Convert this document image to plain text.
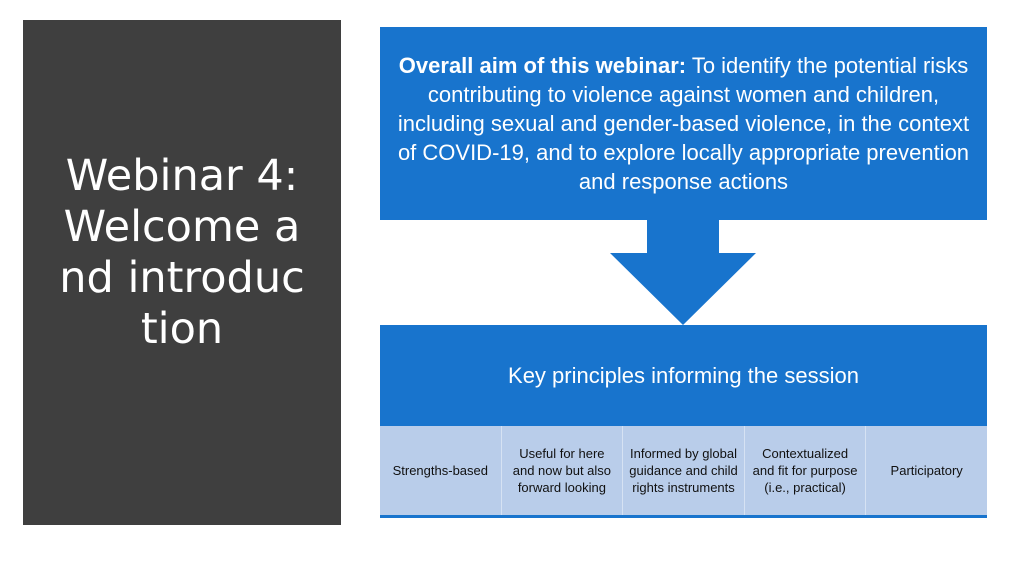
Webinar 4: Welcome and introduction
Overall aim of this webinar: To identify the potential risks contributing to violence against women and children, including sexual and gender-based violence, in the context of COVID-19, and to explore locally appropriate prevention and response actions
Key principles informing the session
Strengths-based
Useful for here and now but also forward looking
Informed by global guidance and child rights instruments
Contextualized and fit for purpose (i.e., practical)
Participatory
